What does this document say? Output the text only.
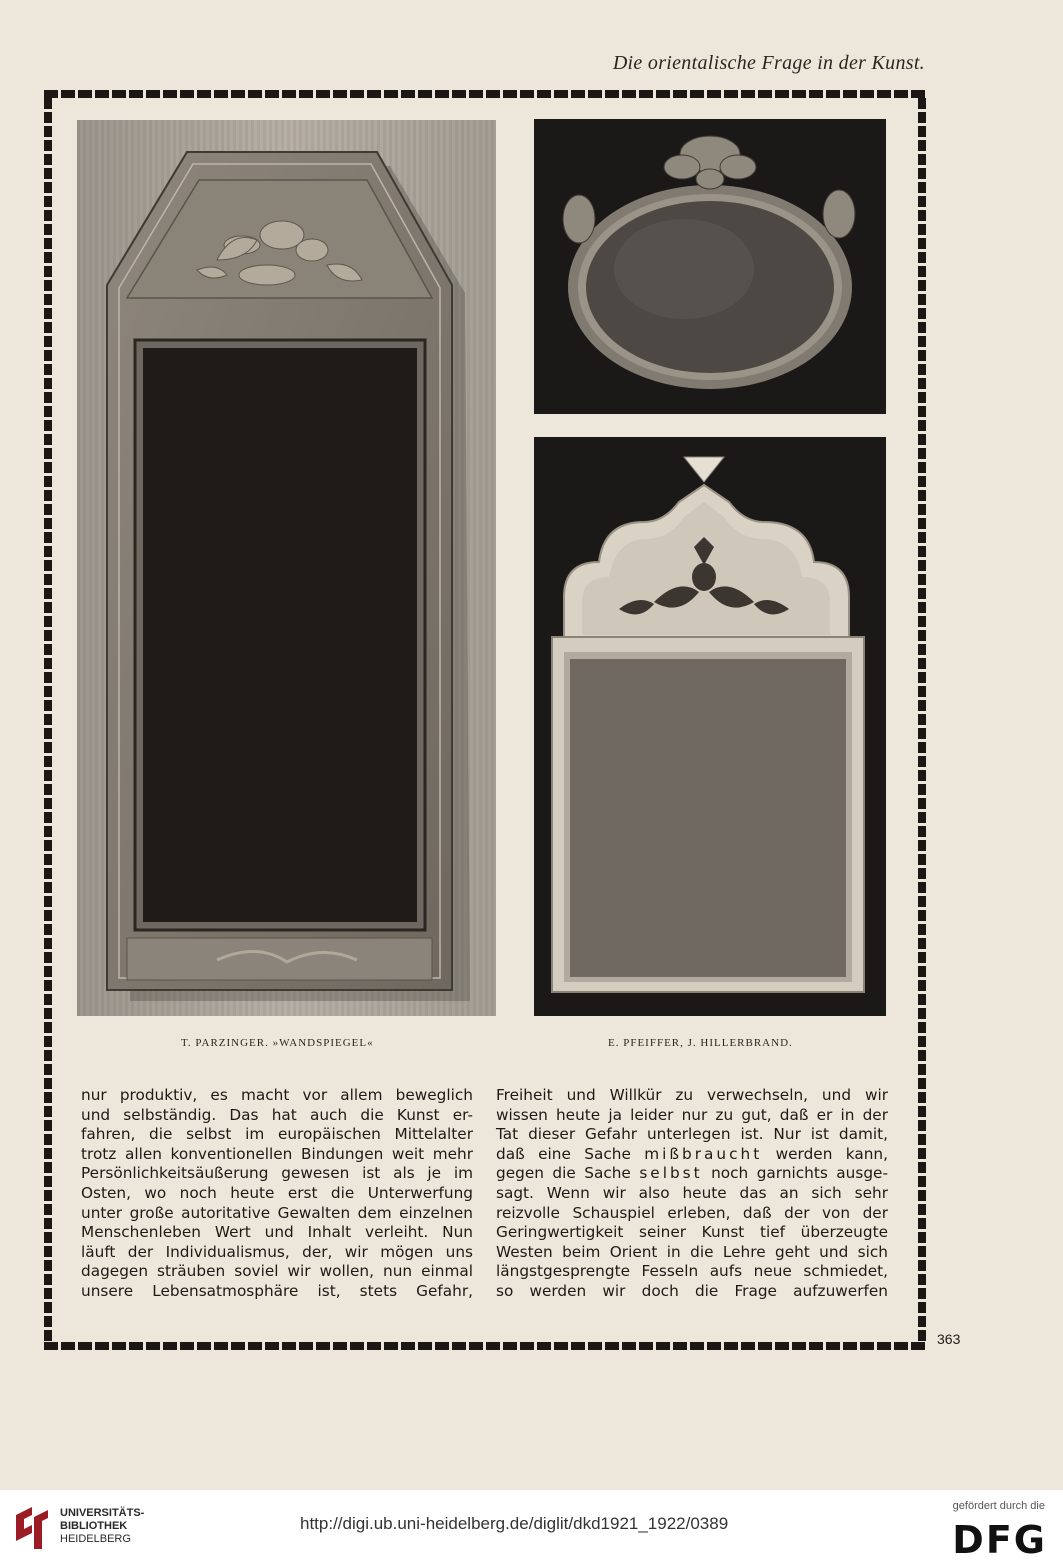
Die orientalische Frage in der Kunst.
T. PARZINGER. »WANDSPIEGEL«	E. PFEIFFER, J. HILLERBRAND.

nur produktiv, es macht vor allem beweglich

und selbständig. Das hat auch die Kunst er-

fahren, die selbst im europäischen Mittelalter

trotz allen konventionellen Bindungen weit mehr

Persönlichkeitsäußerung gewesen ist als je im

Osten, wo noch heute erst die Unterwerfung

unter große autoritative Gewalten dem einzelnen

Menschenleben Wert und Inhalt verleiht. Nun

läuft der Individualismus, der, wir mögen uns

dagegen sträuben soviel wir wollen, nun einmal

unsere Lebensatmosphäre ist, stets Gefahr,

Freiheit und Willkür zu verwechseln, und wir

wissen heute ja leider nur zu gut, daß er in der

Tat dieser Gefahr unterlegen ist. Nur ist damit,

daß eine Sache mißbraucht werden kann,

gegen die Sache selbst noch garnichts ausge-

sagt. Wenn wir also heute das an sich sehr

reizvolle Schauspiel erleben, daß der von der

Geringwertigkeit seiner Kunst tief überzeugte

Westen beim Orient in die Lehre geht und sich

längstgesprengte Fesseln aufs neue schmiedet,

so werden wir doch die Frage aufzuwerfen

363
UNIVERSITÄTS-
BIBLIOTHEK
HEIDELBERG
http://digi.ub.uni-heidelberg.de/diglit/dkd1921_1922/0389
gefördert durch die
DFG
